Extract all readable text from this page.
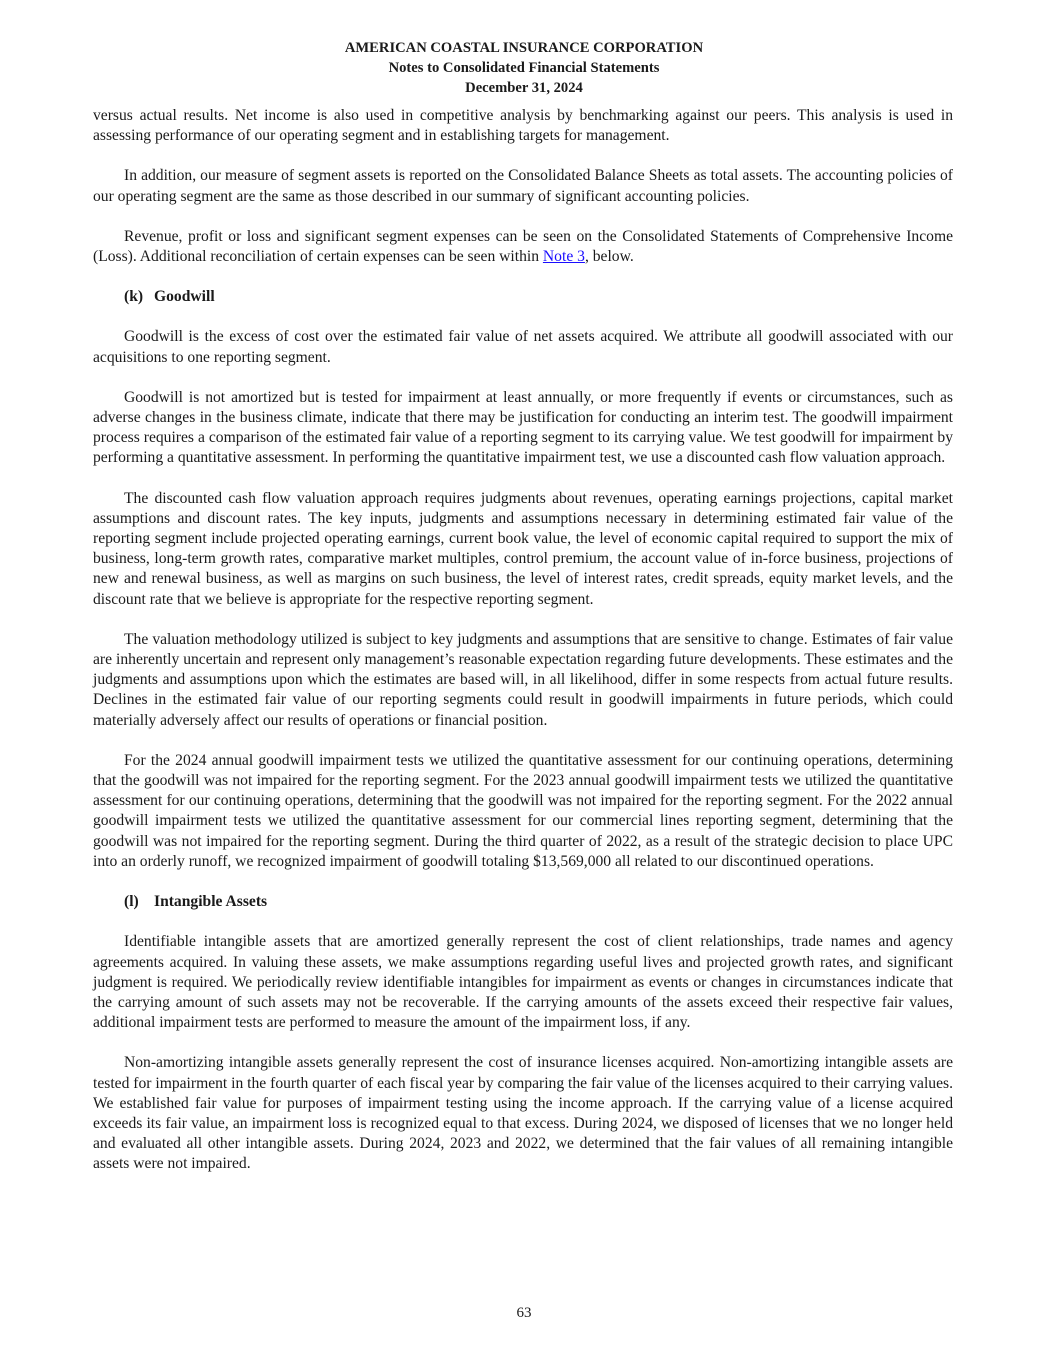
AMERICAN COASTAL INSURANCE CORPORATION
Notes to Consolidated Financial Statements
December 31, 2024

versus actual results. Net income is also used in competitive analysis by benchmarking against our peers. This analysis is used in assessing performance of our operating segment and in establishing targets for management.

In addition, our measure of segment assets is reported on the Consolidated Balance Sheets as total assets. The accounting policies of our operating segment are the same as those described in our summary of significant accounting policies.

Revenue, profit or loss and significant segment expenses can be seen on the Consolidated Statements of Comprehensive Income (Loss). Additional reconciliation of certain expenses can be seen within Note 3, below.

(k) Goodwill

Goodwill is the excess of cost over the estimated fair value of net assets acquired. We attribute all goodwill associated with our acquisitions to one reporting segment.

Goodwill is not amortized but is tested for impairment at least annually, or more frequently if events or circumstances, such as adverse changes in the business climate, indicate that there may be justification for conducting an interim test. The goodwill impairment process requires a comparison of the estimated fair value of a reporting segment to its carrying value. We test goodwill for impairment by performing a quantitative assessment. In performing the quantitative impairment test, we use a discounted cash flow valuation approach.

The discounted cash flow valuation approach requires judgments about revenues, operating earnings projections, capital market assumptions and discount rates. The key inputs, judgments and assumptions necessary in determining estimated fair value of the reporting segment include projected operating earnings, current book value, the level of economic capital required to support the mix of business, long-term growth rates, comparative market multiples, control premium, the account value of in-force business, projections of new and renewal business, as well as margins on such business, the level of interest rates, credit spreads, equity market levels, and the discount rate that we believe is appropriate for the respective reporting segment.

The valuation methodology utilized is subject to key judgments and assumptions that are sensitive to change. Estimates of fair value are inherently uncertain and represent only management’s reasonable expectation regarding future developments. These estimates and the judgments and assumptions upon which the estimates are based will, in all likelihood, differ in some respects from actual future results. Declines in the estimated fair value of our reporting segments could result in goodwill impairments in future periods, which could materially adversely affect our results of operations or financial position.

For the 2024 annual goodwill impairment tests we utilized the quantitative assessment for our continuing operations, determining that the goodwill was not impaired for the reporting segment. For the 2023 annual goodwill impairment tests we utilized the quantitative assessment for our continuing operations, determining that the goodwill was not impaired for the reporting segment. For the 2022 annual goodwill impairment tests we utilized the quantitative assessment for our commercial lines reporting segment, determining that the goodwill was not impaired for the reporting segment. During the third quarter of 2022, as a result of the strategic decision to place UPC into an orderly runoff, we recognized impairment of goodwill totaling $13,569,000 all related to our discontinued operations.

(l) Intangible Assets

Identifiable intangible assets that are amortized generally represent the cost of client relationships, trade names and agency agreements acquired. In valuing these assets, we make assumptions regarding useful lives and projected growth rates, and significant judgment is required. We periodically review identifiable intangibles for impairment as events or changes in circumstances indicate that the carrying amount of such assets may not be recoverable. If the carrying amounts of the assets exceed their respective fair values, additional impairment tests are performed to measure the amount of the impairment loss, if any.

Non-amortizing intangible assets generally represent the cost of insurance licenses acquired. Non-amortizing intangible assets are tested for impairment in the fourth quarter of each fiscal year by comparing the fair value of the licenses acquired to their carrying values. We established fair value for purposes of impairment testing using the income approach. If the carrying value of a license acquired exceeds its fair value, an impairment loss is recognized equal to that excess. During 2024, we disposed of licenses that we no longer held and evaluated all other intangible assets. During 2024, 2023 and 2022, we determined that the fair values of all remaining intangible assets were not impaired.

63
